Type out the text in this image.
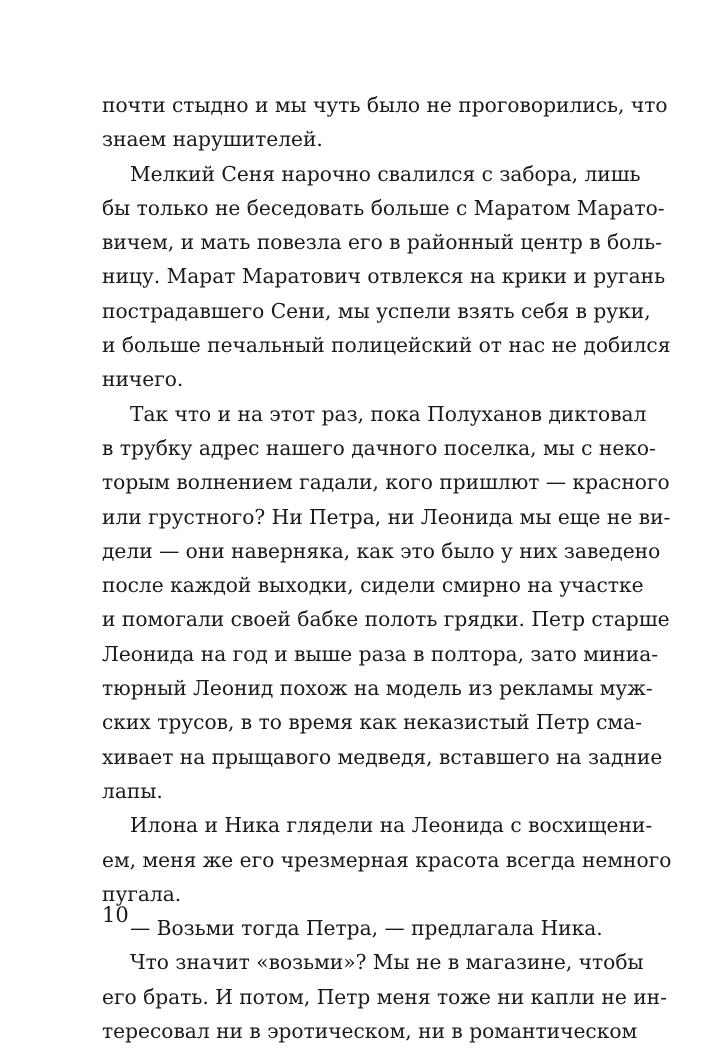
почти стыдно и мы чуть было не проговорились, что
знаем нарушителей.
Мелкий Сеня нарочно свалился с забора, лишь
бы только не беседовать больше с Маратом Марато-
вичем, и мать повезла его в районный центр в боль-
ницу. Марат Маратович отвлекся на крики и ругань
пострадавшего Сени, мы успели взять себя в руки,
и больше печальный полицейский от нас не добился
ничего.
Так что и на этот раз, пока Полуханов диктовал
в трубку адрес нашего дачного поселка, мы с неко-
торым волнением гадали, кого пришлют — красного
или грустного? Ни Петра, ни Леонида мы еще не ви-
дели — они наверняка, как это было у них заведено
после каждой выходки, сидели смирно на участке
и помогали своей бабке полоть грядки. Петр старше
Леонида на год и выше раза в полтора, зато миниа-
тюрный Леонид похож на модель из рекламы муж-
ских трусов, в то время как неказистый Петр сма-
хивает на прыщавого медведя, вставшего на задние
лапы.
Илона и Ника глядели на Леонида с восхищени-
ем, меня же его чрезмерная красота всегда немного
пугала.
— Возьми тогда Петра, — предлагала Ника.
Что значит «возьми»? Мы не в магазине, чтобы
его брать. И потом, Петр меня тоже ни капли не ин-
тересовал ни в эротическом, ни в романтическом
10
